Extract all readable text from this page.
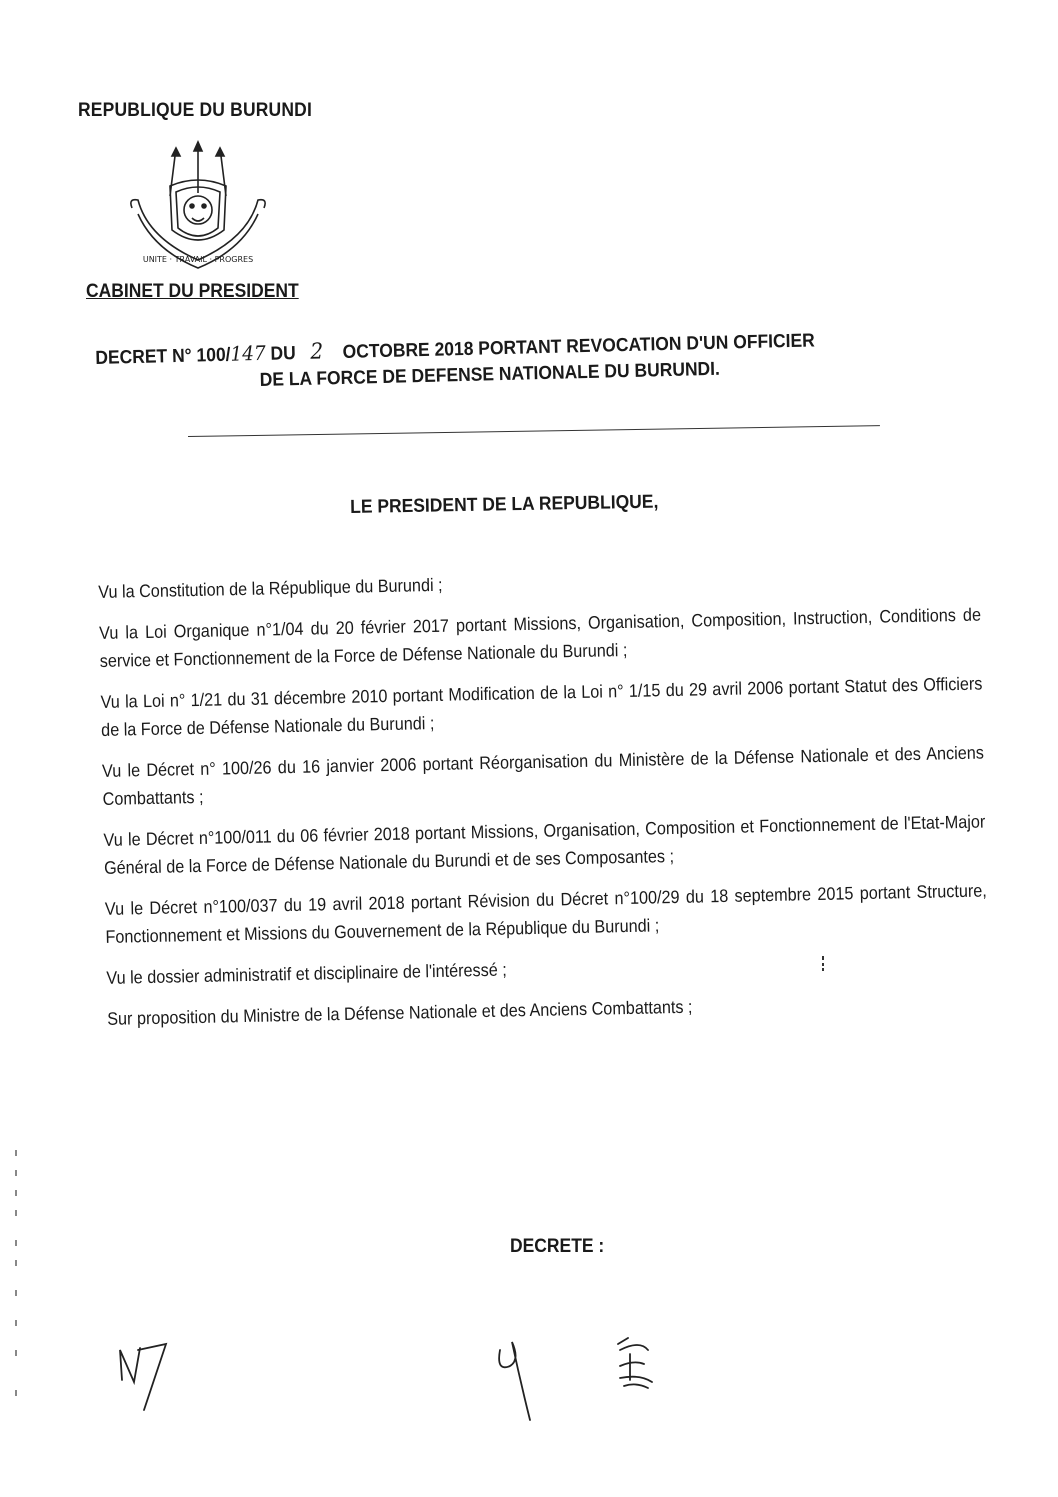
REPUBLIQUE DU BURUNDI
UNITE · TRAVAIL · PROGRES
CABINET DU PRESIDENT
DECRET N° 100/147 DU 2 OCTOBRE 2018 PORTANT REVOCATION D'UN OFFICIER
DE LA FORCE DE DEFENSE NATIONALE DU BURUNDI.
LE PRESIDENT DE LA REPUBLIQUE,

Vu la Constitution de la République du Burundi ;

Vu la Loi Organique n°1/04 du 20 février 2017 portant Missions, Organisation, Composition, Instruction, Conditions de service et Fonctionnement de la Force de Défense Nationale du Burundi ;

Vu la Loi n° 1/21 du 31 décembre 2010 portant Modification de la Loi n° 1/15 du 29 avril 2006 portant Statut des Officiers de la Force de Défense Nationale du Burundi ;

Vu le Décret n° 100/26 du 16 janvier 2006 portant Réorganisation du Ministère de la Défense Nationale et des Anciens Combattants ;

Vu le Décret n°100/011 du 06 février 2018 portant Missions, Organisation, Composition et Fonctionnement de l'Etat-Major Général de la Force de Défense Nationale du Burundi et de ses Composantes ;

Vu le Décret n°100/037 du 19 avril 2018 portant Révision du Décret n°100/29 du 18 septembre 2015 portant Structure, Fonctionnement et Missions du Gouvernement de la République du Burundi ;

Vu le dossier administratif et disciplinaire de l'intéressé ;

Sur proposition du Ministre de la Défense Nationale et des Anciens Combattants ;

DECRETE :
